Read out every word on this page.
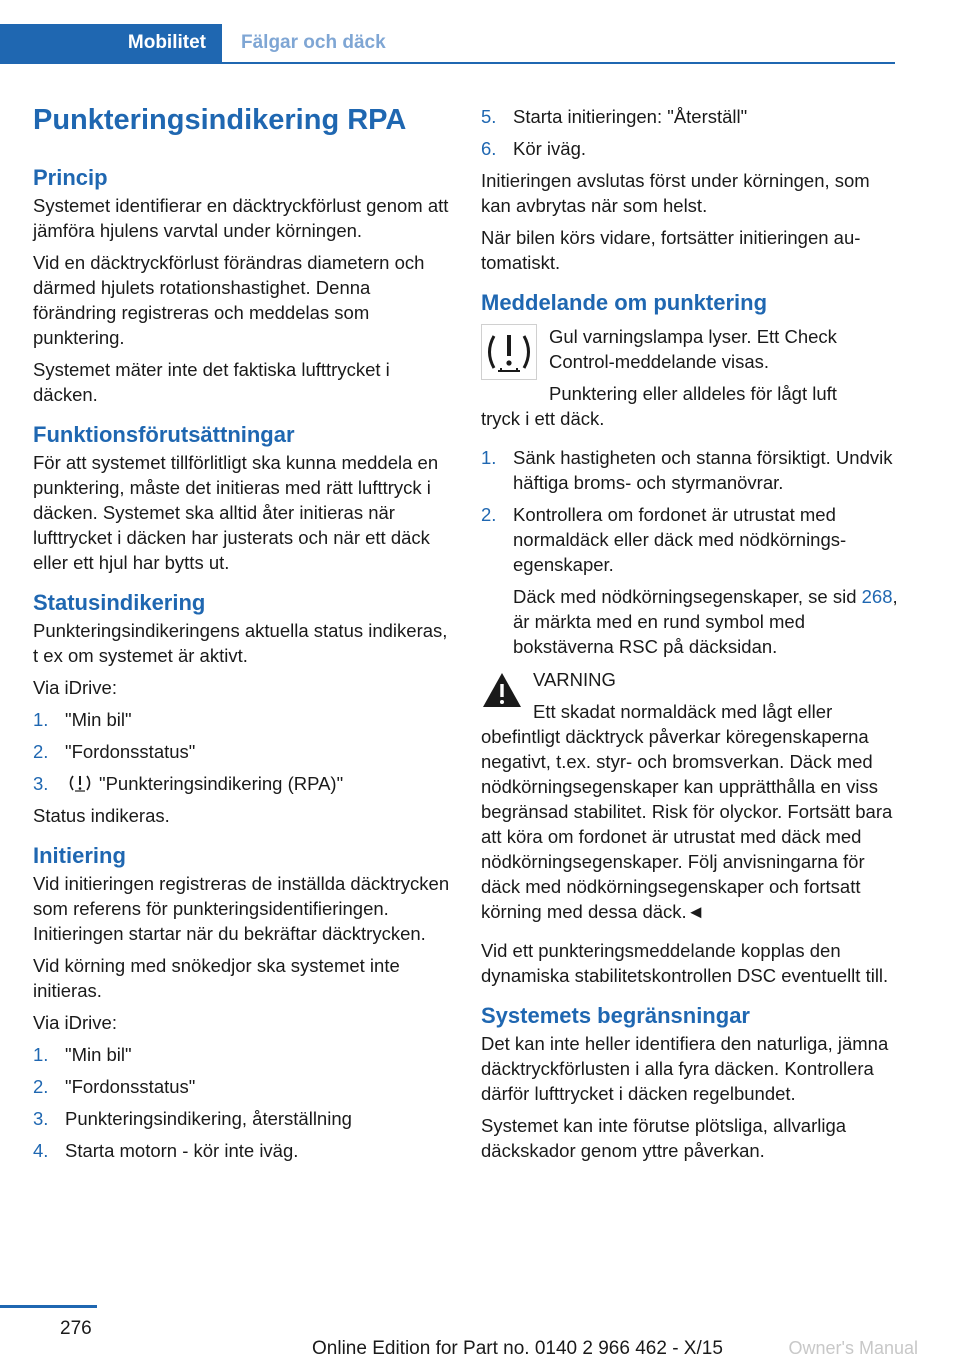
Mobilitet Fälgar och däck
Punkteringsindikering RPA
Princip

Systemet identifierar en däcktryckförlust genom att jämföra hjulens varvtal under körningen.

Vid en däcktryckförlust förändras diametern och därmed hjulets rotationshastighet. Denna förändring registreras och meddelas som punktering.

Systemet mäter inte det faktiska lufttrycket i däcken.

Funktionsförutsättningar

För att systemet tillförlitligt ska kunna meddela en punktering, måste det initieras med rätt lufttryck i däcken. Systemet ska alltid åter initieras när lufttrycket i däcken har justerats och när ett däck eller ett hjul har bytts ut.

Statusindikering

Punkteringsindikeringens aktuella status indikeras, t ex om systemet är aktivt.

Via iDrive:

1. "Min bil"
2. "Fordonsstatus"
3.	"Punkteringsindikering (RPA)"

Status indikeras.

Initiering

Vid initieringen registreras de inställda däcktrycken som referens för punkteringsidentifieringen. Initieringen startar när du bekräftar däcktrycken.

Vid körning med snökedjor ska systemet inte initieras.

Via iDrive:

1. "Min bil"
2. "Fordonsstatus"
3. Punkteringsindikering, återställning
4. Starta motorn - kör inte iväg.
5. Starta initieringen: "Återställ"
6. Kör iväg.

Initieringen avslutas först under körningen, som kan avbrytas när som helst.

När bilen körs vidare, fortsätter initieringen automatiskt.

Meddelande om punktering

Gul varningslampa lyser. Ett Check Control-meddelande visas.

Punktering eller alldeles för lågt luft

tryck i ett däck.

1. Sänk hastigheten och stanna försiktigt. Undvik häftiga broms- och styrmanövrar.
2. Kontrollera om fordonet är utrustat med normaldäck eller däck med nödkörningsegenskaper.
Däck med nödkörningsegenskaper, se sid 268, är märkta med en rund symbol med bokstäverna RSC på däcksidan.

VARNING

Ett skadat normaldäck med lågt eller

obefintligt däcktryck påverkar köregenskaperna negativt, t.ex. styr- och bromsverkan. Däck med nödkörningsegenskaper kan upprätthålla en viss begränsad stabilitet. Risk för olyckor. Fortsätt bara att köra om fordonet är utrustat med däck med nödkörningsegenskaper. Följ anvisningarna för däck med nödkörningsegenskaper och fortsatt körning med dessa däck.◄

Vid ett punkteringsmeddelande kopplas den dynamiska stabilitetskontrollen DSC eventuellt till.

Systemets begränsningar

Det kan inte heller identifiera den naturliga, jämna däcktryckförlusten i alla fyra däcken. Kontrollera därför lufttrycket i däcken regelbundet.

Systemet kan inte förutse plötsliga, allvarliga däckskador genom yttre påverkan.

276
Online Edition for Part no. 0140 2 966 462 - X/15	Owner's Manual
